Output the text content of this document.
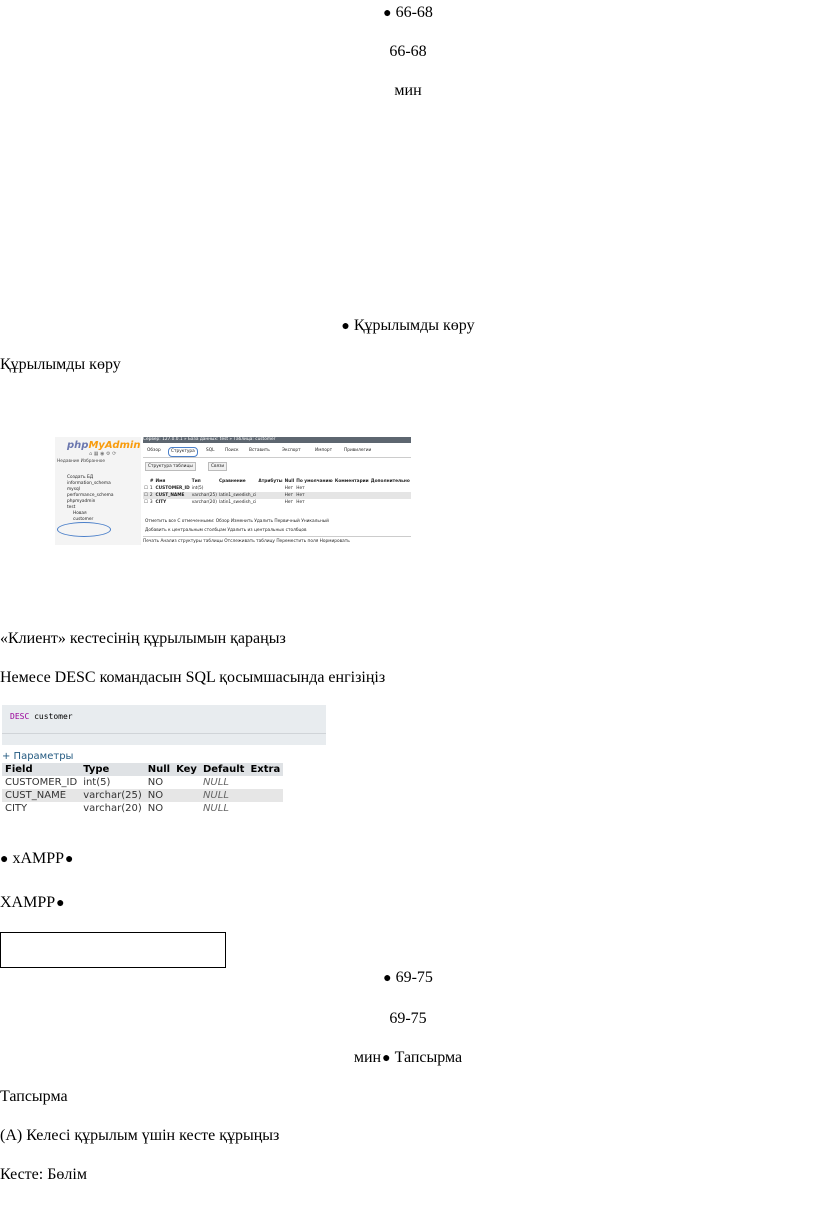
● 66-68
66-68
мин
● Құрылымды көру
Құрылымды көру
phpMyAdmin
⌂ ▦ ◉ ⚙ ⟳
Недавние Избранное
Создать БД
information_schema
mysql
performance_schema
phpmyadmin
test
Новая
customer
Сервер: 127.0.0.1 » База данных: test » Таблица: customer
Обзор	Структура	SQL	Поиск	Вставить	Экспорт	Импорт	Привилегии
Структура таблицы	Связи
	#	Имя	Тип	Сравнение	Атрибуты	Null	По умолчанию	Комментарии	Дополнительно
☐	1	CUSTOMER_ID	int(5)			Нет	Нет		
☐	2	CUST_NAME	varchar(25)	latin1_swedish_ci		Нет	Нет		
☐	3	CITY	varchar(20)	latin1_swedish_ci		Нет	Нет		
Отметить все С отмеченными: Обзор Изменить Удалить Первичный Уникальный
Добавить к центральным столбцам Удалить из центральных столбцов
Печать Анализ структуры таблицы Отслеживать таблицу Переместить поля Нормировать
«Клиент» кестесінің құрылымын қараңыз
Немесе DESC командасын SQL қосымшасында енгізіңіз
DESC customer
+ Параметры
Field	Type	Null	Key	Default	Extra
CUSTOMER_ID	int(5)	NO		NULL	
CUST_NAME	varchar(25)	NO		NULL	
CITY	varchar(20)	NO		NULL	
● xAMPP●
XAMPP●
● 69-75
69-75
мин● Тапсырма
Тапсырма
(А) Келесі құрылым үшін кесте құрыңыз
Кесте: Бөлім
